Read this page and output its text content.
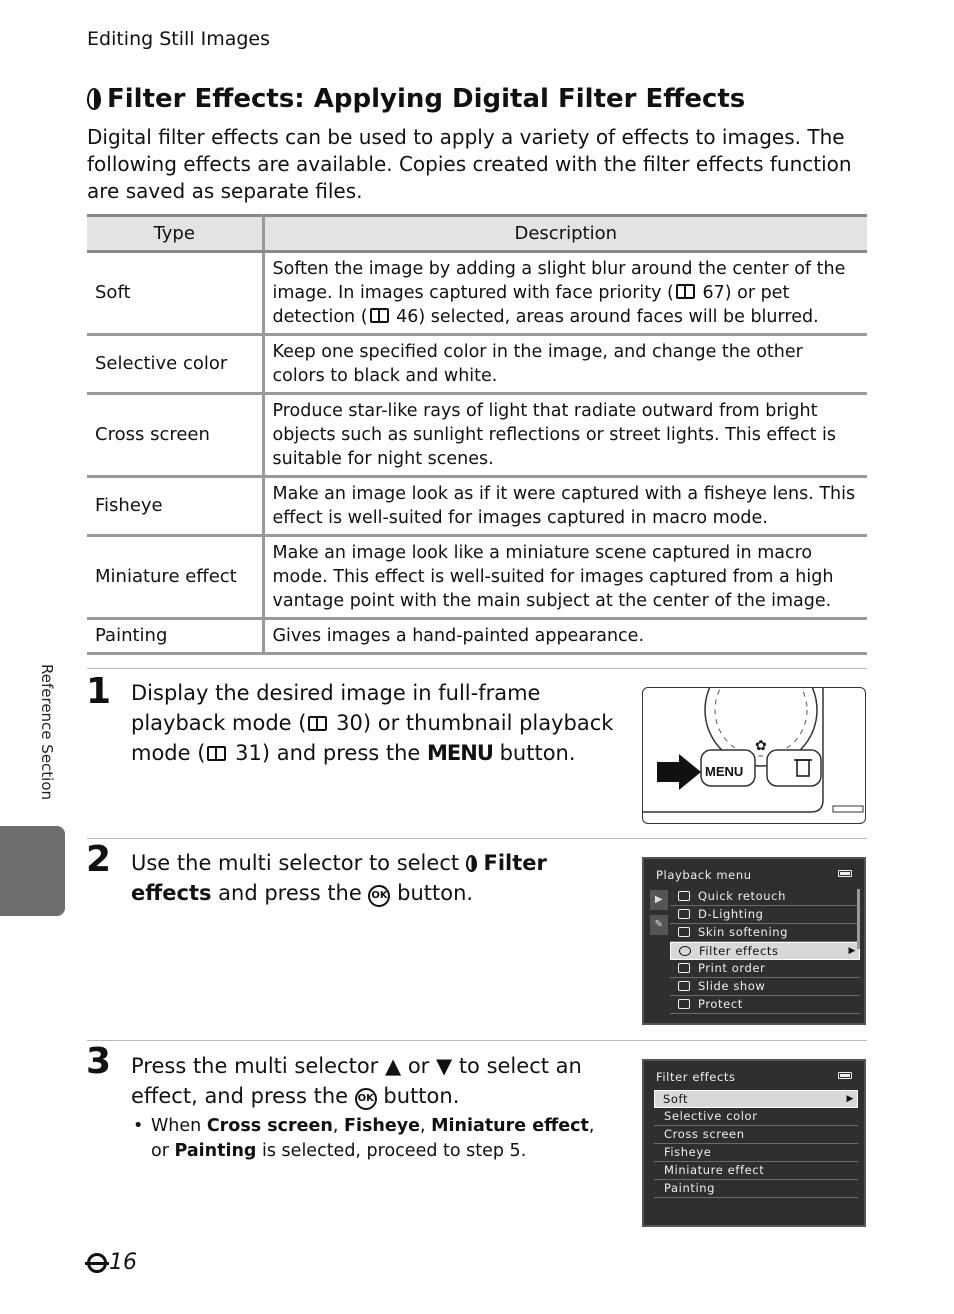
Editing Still Images
Filter Effects: Applying Digital Filter Effects

Digital filter effects can be used to apply a variety of effects to images. The following effects are available. Copies created with the filter effects function are saved as separate files.

Type	Description
Soft	Soften the image by adding a slight blur around the center of the image. In images captured with face priority ( 67) or pet detection ( 46) selected, areas around faces will be blurred.
Selective color	Keep one specified color in the image, and change the other colors to black and white.
Cross screen	Produce star-like rays of light that radiate outward from bright objects such as sunlight reflections or street lights. This effect is suitable for night scenes.
Fisheye	Make an image look as if it were captured with a fisheye lens. This effect is well-suited for images captured in macro mode.
Miniature effect	Make an image look like a miniature scene captured in macro mode. This effect is well-suited for images captured from a high vantage point with the main subject at the center of the image.
Painting	Gives images a hand-painted appearance.
1 Display the desired image in full-frame playback mode ( 30) or thumbnail playback mode ( 31) and press the MENU button.	✿
MENU
2 Use the multi selector to select  Filter effects and press the OK button.
Playback menu
▶
✎
Quick retouch
D-Lighting
Skin softening
Filter effects	▶
Print order
Slide show
Protect
3 Press the multi selector ▲ or ▼ to select an effect, and press the OK button.
• When Cross screen, Fisheye, Miniature effect, or Painting is selected, proceed to step 5.
Filter effects
Soft	▶
Selective color
Cross screen
Fisheye
Miniature effect
Painting
Reference Section
16
